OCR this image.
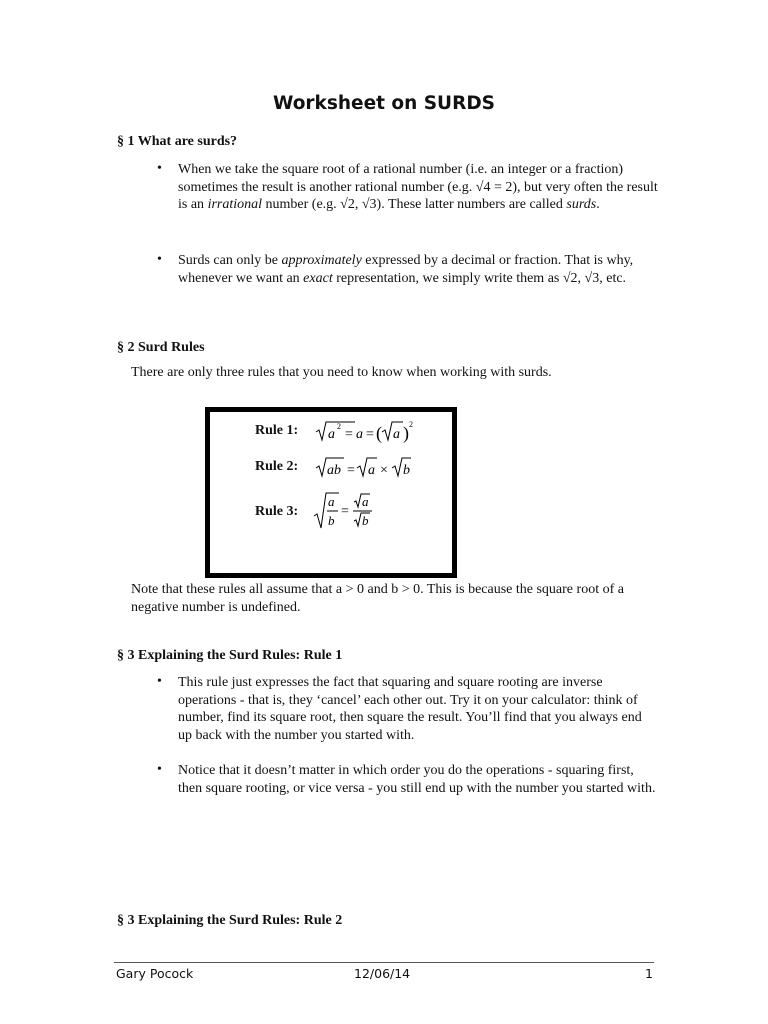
Worksheet on SURDS
§ 1 What are surds?
• When we take the square root of a rational number (i.e. an integer or a fraction) sometimes the result is another rational number (e.g. √4 = 2), but very often the result is an irrational number (e.g. √2, √3). These latter numbers are called surds.
• Surds can only be approximately expressed by a decimal or fraction. That is why, whenever we want an exact representation, we simply write them as √2, √3, etc.
§ 2 Surd Rules
There are only three rules that you need to know when working with surds.
Rule 1: a
2
= a = ( a ) 2
Rule 2: ab = a × b
Rule 3:
a
b
=
a
b
Note that these rules all assume that a > 0 and b > 0. This is because the square root of a negative number is undefined.
§ 3 Explaining the Surd Rules: Rule 1
• This rule just expresses the fact that squaring and square rooting are inverse operations - that is, they ‘cancel’ each other out. Try it on your calculator: think of number, find its square root, then square the result. You’ll find that you always end up back with the number you started with.
• Notice that it doesn’t matter in which order you do the operations - squaring first, then square rooting, or vice versa - you still end up with the number you started with.
§ 3 Explaining the Surd Rules: Rule 2
Gary Pocock	12/06/14	1
